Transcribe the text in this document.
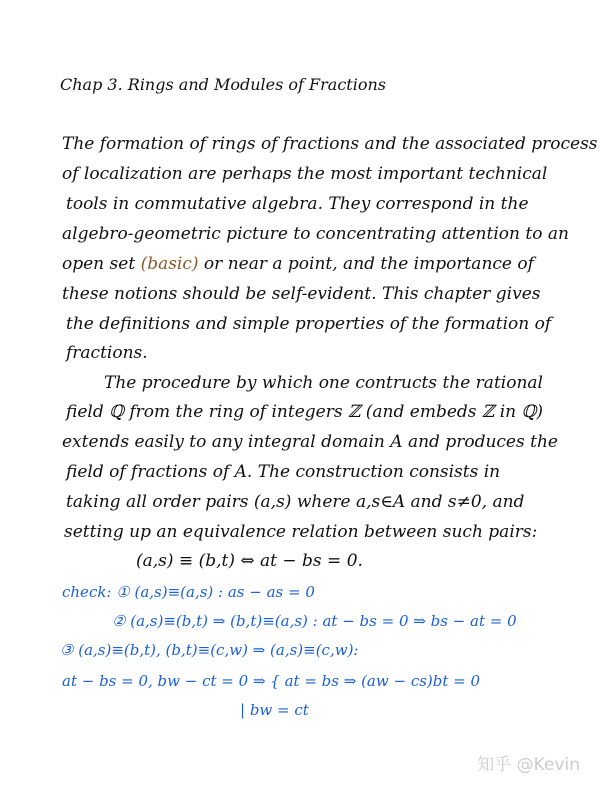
Chap 3. Rings and Modules of Fractions
The formation of rings of fractions and the associated process
of localization are perhaps the most important technical
tools in commutative algebra. They correspond in the
algebro-geometric picture to concentrating attention to an
open set (basic) or near a point, and the importance of
these notions should be self-evident. This chapter gives
the definitions and simple properties of the formation of
fractions.
The procedure by which one contructs the rational
field ℚ from the ring of integers ℤ (and embeds ℤ in ℚ)
extends easily to any integral domain A and produces the
field of fractions of A. The construction consists in
taking all order pairs (a,s) where a,s∈A and s≠0, and
setting up an equivalence relation between such pairs:
(a,s) ≡ (b,t) ⇔ at − bs = 0.
check: ① (a,s)≡(a,s) : as − as = 0
② (a,s)≡(b,t) ⇒ (b,t)≡(a,s) : at − bs = 0 ⇒ bs − at = 0
③ (a,s)≡(b,t), (b,t)≡(c,w) ⇒ (a,s)≡(c,w):
at − bs = 0, bw − ct = 0 ⇒ { at = bs ⇒ (aw − cs)bt = 0
| bw = ct
知乎 @Kevin
